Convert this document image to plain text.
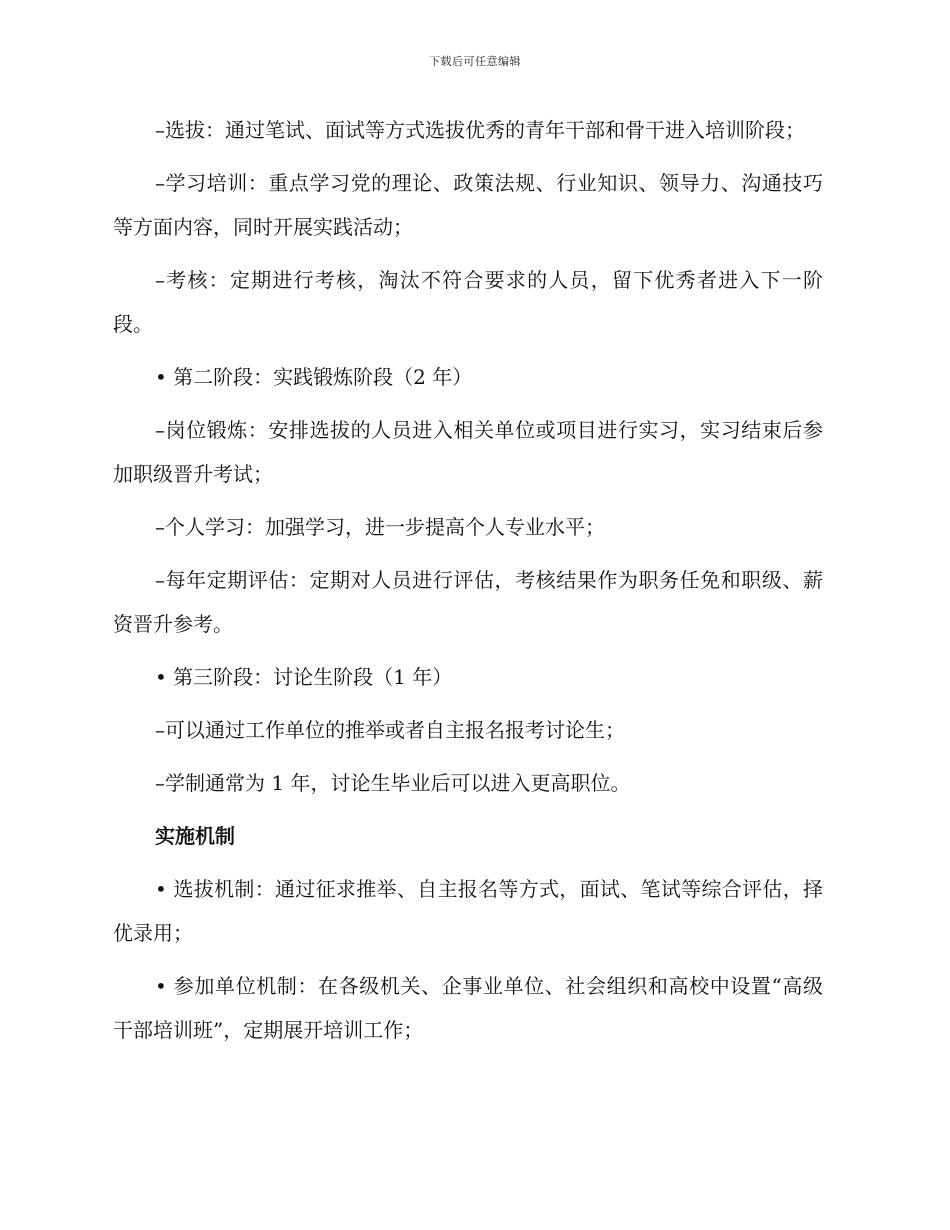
下载后可任意编辑

–选拔：通过笔试、面试等方式选拔优秀的青年干部和骨干进入培训阶段；

–学习培训：重点学习党的理论、政策法规、行业知识、领导力、沟通技巧等方面内容，同时开展实践活动；

–考核：定期进行考核，淘汰不符合要求的人员，留下优秀者进入下一阶段。

• 第二阶段：实践锻炼阶段（2 年）

–岗位锻炼：安排选拔的人员进入相关单位或项目进行实习，实习结束后参加职级晋升考试；

–个人学习：加强学习，进一步提高个人专业水平；

–每年定期评估：定期对人员进行评估，考核结果作为职务任免和职级、薪资晋升参考。

• 第三阶段：讨论生阶段（1 年）

–可以通过工作单位的推举或者自主报名报考讨论生；

–学制通常为 1 年，讨论生毕业后可以进入更高职位。

实施机制

• 选拔机制：通过征求推举、自主报名等方式，面试、笔试等综合评估，择优录用；

• 参加单位机制：在各级机关、企事业单位、社会组织和高校中设置“高级干部培训班”，定期展开培训工作；
